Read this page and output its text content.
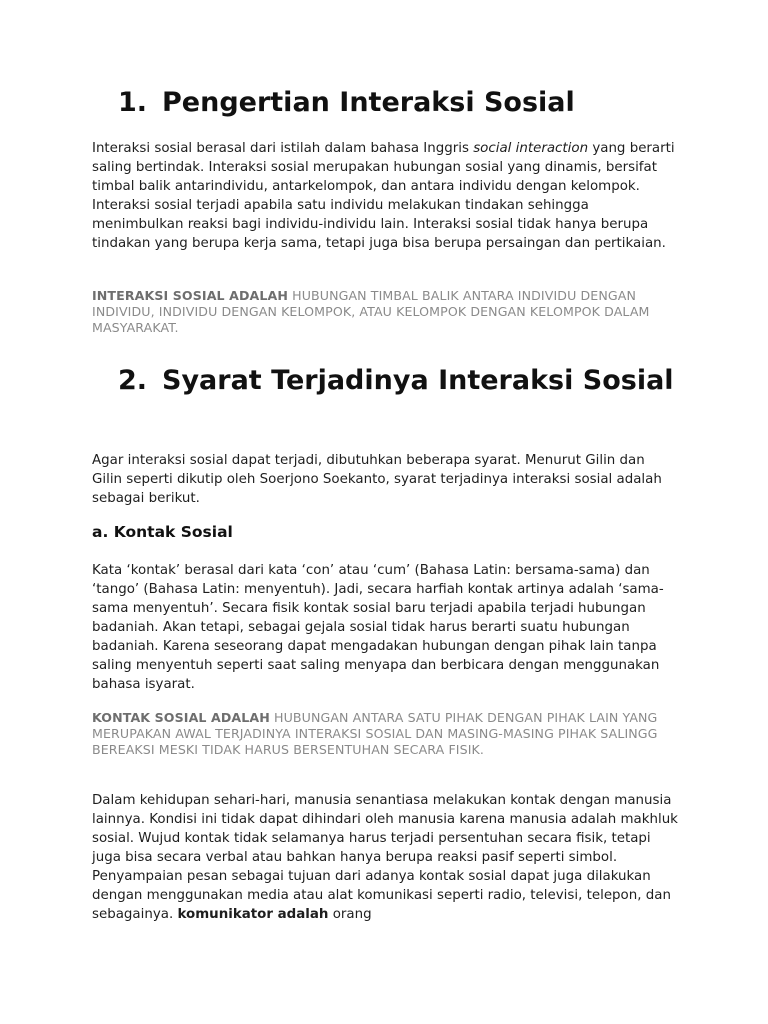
1. Pengertian Interaksi Sosial

Interaksi sosial berasal dari istilah dalam bahasa Inggris social interaction yang berarti saling bertindak. Interaksi sosial merupakan hubungan sosial yang dinamis, bersifat timbal balik antarindividu, antarkelompok, dan antara individu dengan kelompok. Interaksi sosial terjadi apabila satu individu melakukan tindakan sehingga menimbulkan reaksi bagi individu-individu lain. Interaksi sosial tidak hanya berupa tindakan yang berupa kerja sama, tetapi juga bisa berupa persaingan dan pertikaian.

INTERAKSI SOSIAL ADALAH HUBUNGAN TIMBAL BALIK ANTARA INDIVIDU DENGAN INDIVIDU, INDIVIDU DENGAN KELOMPOK, ATAU KELOMPOK DENGAN KELOMPOK DALAM MASYARAKAT.

2. Syarat Terjadinya Interaksi Sosial

Agar interaksi sosial dapat terjadi, dibutuhkan beberapa syarat. Menurut Gilin dan Gilin seperti dikutip oleh Soerjono Soekanto, syarat terjadinya interaksi sosial adalah sebagai berikut.

a. Kontak Sosial

Kata ‘kontak’ berasal dari kata ‘con’ atau ‘cum’ (Bahasa Latin: bersama-sama) dan ‘tango’ (Bahasa Latin: menyentuh). Jadi, secara harfiah kontak artinya adalah ‘sama-sama menyentuh’. Secara fisik kontak sosial baru terjadi apabila terjadi hubungan badaniah. Akan tetapi, sebagai gejala sosial tidak harus berarti suatu hubungan badaniah. Karena seseorang dapat mengadakan hubungan dengan pihak lain tanpa saling menyentuh seperti saat saling menyapa dan berbicara dengan menggunakan bahasa isyarat.

KONTAK SOSIAL ADALAH HUBUNGAN ANTARA SATU PIHAK DENGAN PIHAK LAIN YANG MERUPAKAN AWAL TERJADINYA INTERAKSI SOSIAL DAN MASING-MASING PIHAK SALINGG BEREAKSI MESKI TIDAK HARUS BERSENTUHAN SECARA FISIK.

Dalam kehidupan sehari-hari, manusia senantiasa melakukan kontak dengan manusia lainnya. Kondisi ini tidak dapat dihindari oleh manusia karena manusia adalah makhluk sosial. Wujud kontak tidak selamanya harus terjadi persentuhan secara fisik, tetapi juga bisa secara verbal atau bahkan hanya berupa reaksi pasif seperti simbol. Penyampaian pesan sebagai tujuan dari adanya kontak sosial dapat juga dilakukan dengan menggunakan media atau alat komunikasi seperti radio, televisi, telepon, dan sebagainya. komunikator adalah orang
